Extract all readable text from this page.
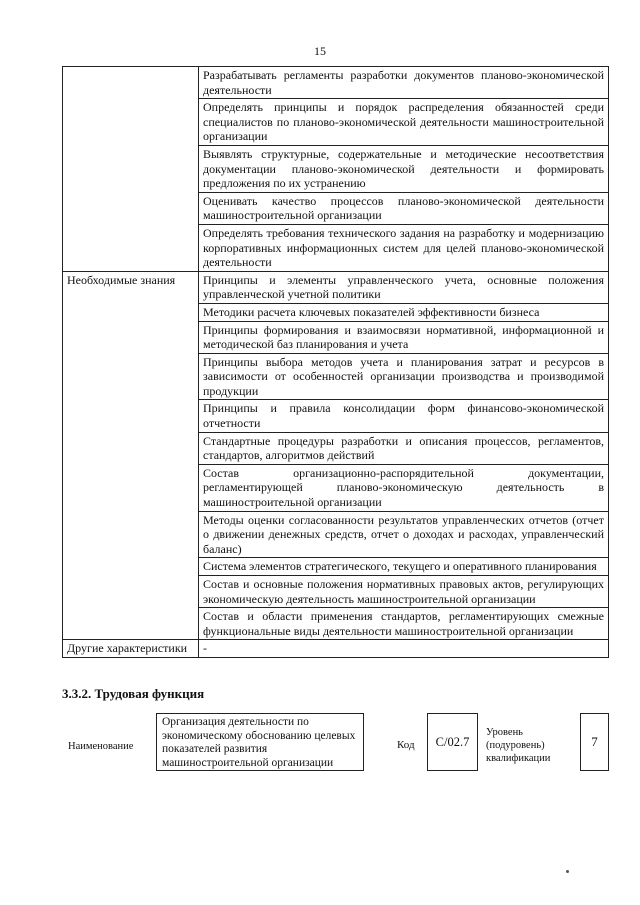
15
	Разрабатывать регламенты разработки документов планово-экономической деятельности
	Определять принципы и порядок распределения обязанностей среди специалистов по планово-экономической деятельности машиностроительной организации
	Выявлять структурные, содержательные и методические несоответствия документации планово-экономической деятельности и формировать предложения по их устранению
	Оценивать качество процессов планово-экономической деятельности машиностроительной организации
	Определять требования технического задания на разработку и модернизацию корпоративных информационных систем для целей планово-экономической деятельности
Необходимые знания	Принципы и элементы управленческого учета, основные положения управленческой учетной политики
	Методики расчета ключевых показателей эффективности бизнеса
	Принципы формирования и взаимосвязи нормативной, информационной и методической баз планирования и учета
	Принципы выбора методов учета и планирования затрат и ресурсов в зависимости от особенностей организации производства и производимой продукции
	Принципы и правила консолидации форм финансово-экономической отчетности
	Стандартные процедуры разработки и описания процессов, регламентов, стандартов, алгоритмов действий
	Состав организационно-распорядительной документации, регламентирующей планово-экономическую деятельность в машиностроительной организации
	Методы оценки согласованности результатов управленческих отчетов (отчет о движении денежных средств, отчет о доходах и расходах, управленческий баланс)
	Система элементов стратегического, текущего и оперативного планирования
	Состав и основные положения нормативных правовых актов, регулирующих экономическую деятельность машиностроительной организации
	Состав и области применения стандартов, регламентирующих смежные функциональные виды деятельности машиностроительной организации
Другие характеристики	-
3.3.2. Трудовая функция
Наименование
Организация деятельности по экономическому обоснованию целевых показателей развития машиностроительной организации
Код	C/02.7
Уровень (подуровень) квалификации
7
